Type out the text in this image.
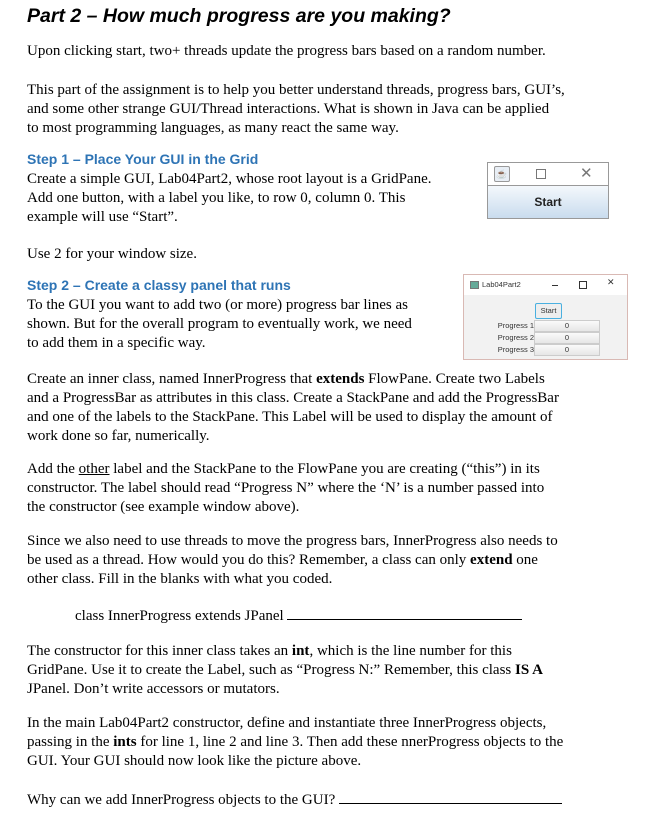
Part 2 – How much progress are you making?
Upon clicking start, two+ threads update the progress bars based on a random number.
This part of the assignment is to help you better understand threads, progress bars, GUI’s,
and some other strange GUI/Thread interactions. What is shown in Java can be applied
to most programming languages, as many react the same way.
Step 1 – Place Your GUI in the Grid
Create a simple GUI, Lab04Part2, whose root layout is a GridPane.
Add one button, with a label you like, to row 0, column 0. This
example will use “Start”.
Use 2 for your window size.
Step 2 – Create a classy panel that runs
To the GUI you want to add two (or more) progress bar lines as
shown. But for the overall program to eventually work, we need
to add them in a specific way.
Create an inner class, named InnerProgress that extends FlowPane. Create two Labels
and a ProgressBar as attributes in this class. Create a StackPane and add the ProgressBar
and one of the labels to the StackPane. This Label will be used to display the amount of
work done so far, numerically.
Add the other label and the StackPane to the FlowPane you are creating (“this”) in its
constructor. The label should read “Progress N” where the ‘N’ is a number passed into
the constructor (see example window above).
Since we also need to use threads to move the progress bars, InnerProgress also needs to
be used as a thread. How would you do this? Remember, a class can only extend one
other class. Fill in the blanks with what you coded.
class InnerProgress extends JPanel
The constructor for this inner class takes an int, which is the line number for this
GridPane. Use it to create the Label, such as “Progress N:” Remember, this class IS A
JPanel. Don’t write accessors or mutators.
In the main Lab04Part2 constructor, define and instantiate three InnerProgress objects,
passing in the ints for line 1, line 2 and line 3. Then add these nnerProgress objects to the
GUI. Your GUI should now look like the picture above.
Why can we add InnerProgress objects to the GUI?
☕	✕
Start
Lab04Part2	✕
Start
Progress 1	0
Progress 2	0
Progress 3	0
